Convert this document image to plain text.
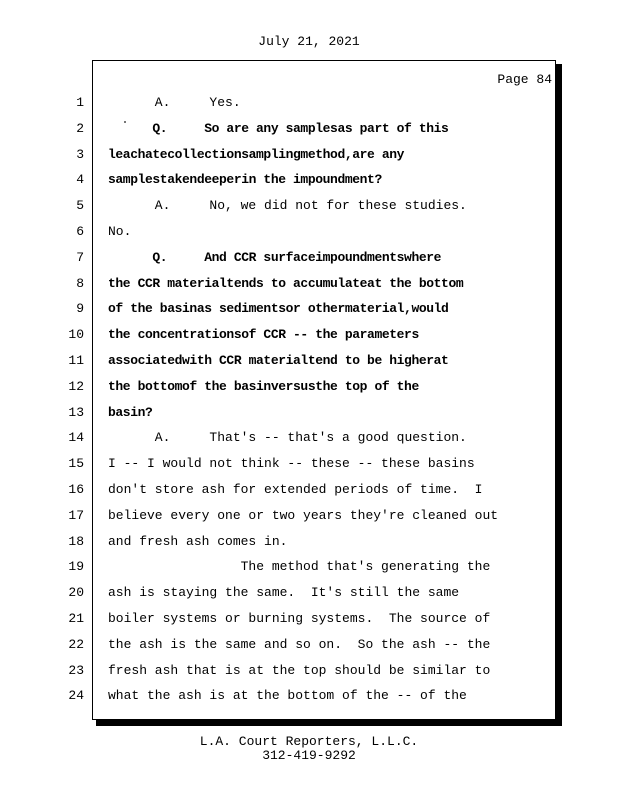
July 21, 2021
Page 84
1 A.     Yes.
2 Q.     So are any samplesas part of this
3 leachatecollectionsamplingmethod,are any
4 samplestakendeeperin the impoundment?
5 A.     No, we did not for these studies.
6 No.
7 Q.     And CCR surfaceimpoundmentswhere
8 the CCR materialtends to accumulateat the bottom
9 of the basinas sedimentsor othermaterial,would
10 the concentrationsof CCR -- the parameters
11 associatedwith CCR materialtend to be higherat
12 the bottomof the basinversusthe top of the
13 basin?
14 A.     That's -- that's a good question.
15 I -- I would not think -- these -- these basins
16 don't store ash for extended periods of time.  I
17 believe every one or two years they're cleaned out
18 and fresh ash comes in.
19 The method that's generating the
20 ash is staying the same.  It's still the same
21 boiler systems or burning systems.  The source of
22 the ash is the same and so on.  So the ash -- the
23 fresh ash that is at the top should be similar to
24 what the ash is at the bottom of the -- of the
L.A. Court Reporters, L.L.C.
312-419-9292
